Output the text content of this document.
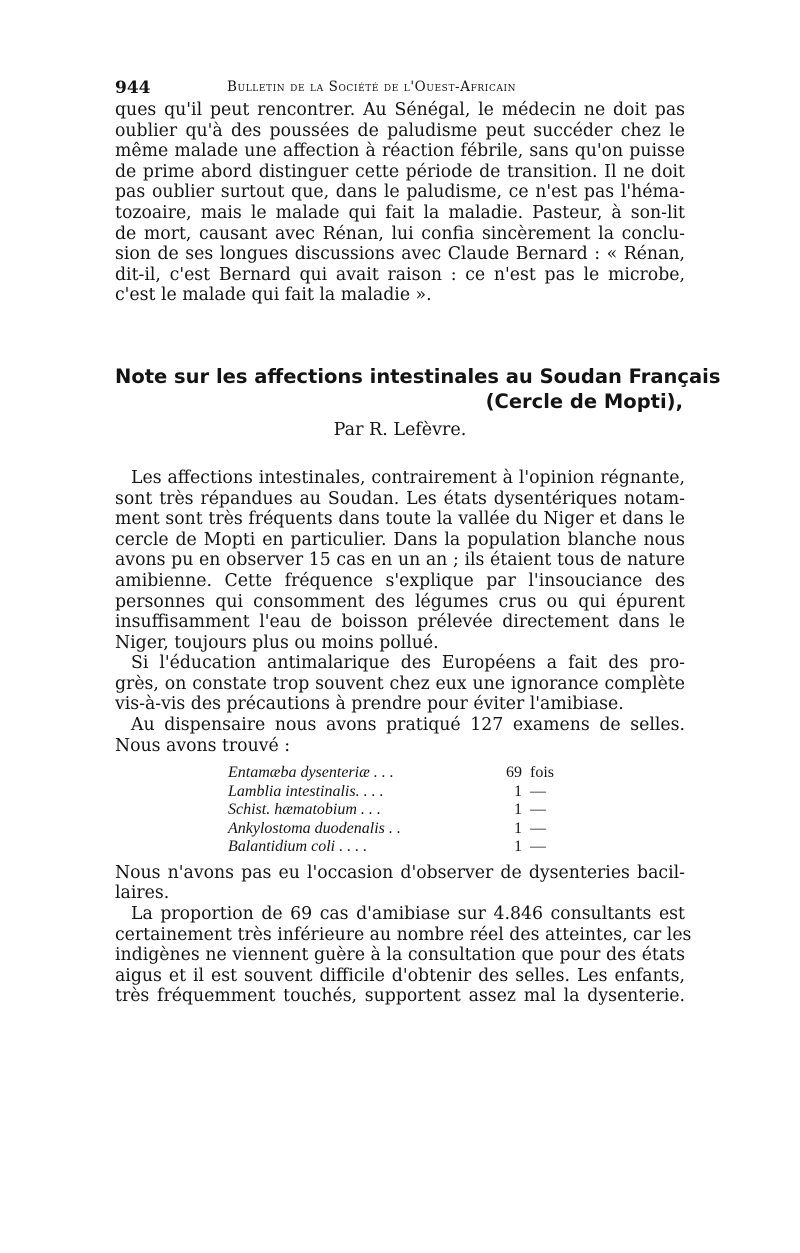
944	Bulletin de la Société de l'Ouest-Africain

ques qu'il peut rencontrer. Au Sénégal, le médecin ne doit pas
oublier qu'à des poussées de paludisme peut succéder chez le
même malade une affection à réaction fébrile, sans qu'on puisse
de prime abord distinguer cette période de transition. Il ne doit
pas oublier surtout que, dans le paludisme, ce n'est pas l'héma-
tozoaire, mais le malade qui fait la maladie. Pasteur, à son-lit
de mort, causant avec Rénan, lui confia sincèrement la conclu-
sion de ses longues discussions avec Claude Bernard : « Rénan,
dit-il, c'est Bernard qui avait raison : ce n'est pas le microbe,
c'est le malade qui fait la maladie ».

Note sur les affections intestinales au Soudan Français
(Cercle de Mopti),
Par R. Lefèvre.

Les affections intestinales, contrairement à l'opinion régnante,
sont très répandues au Soudan. Les états dysentériques notam-
ment sont très fréquents dans toute la vallée du Niger et dans le
cercle de Mopti en particulier. Dans la population blanche nous
avons pu en observer 15 cas en un an ; ils étaient tous de nature
amibienne. Cette fréquence s'explique par l'insouciance des
personnes qui consomment des légumes crus ou qui épurent
insuffisamment l'eau de boisson prélevée directement dans le
Niger, toujours plus ou moins pollué.

Si l'éducation antimalarique des Européens a fait des pro-
grès, on constate trop souvent chez eux une ignorance complète
vis-à-vis des précautions à prendre pour éviter l'amibiase.

Au dispensaire nous avons pratiqué 127 examens de selles.
Nous avons trouvé :

Entamæba dysenteriæ . . .	69 fois
Lamblia intestinalis. . . .	1 —
Schist. hæmatobium . . .	1 —
Ankylostoma duodenalis . .	1 —
Balantidium coli . . . .	1 —

Nous n'avons pas eu l'occasion d'observer de dysenteries bacil-
laires.

La proportion de 69 cas d'amibiase sur 4.846 consultants est
certainement très inférieure au nombre réel des atteintes, car les
indigènes ne viennent guère à la consultation que pour des états
aigus et il est souvent difficile d'obtenir des selles. Les enfants,
très fréquemment touchés, supportent assez mal la dysenterie.
